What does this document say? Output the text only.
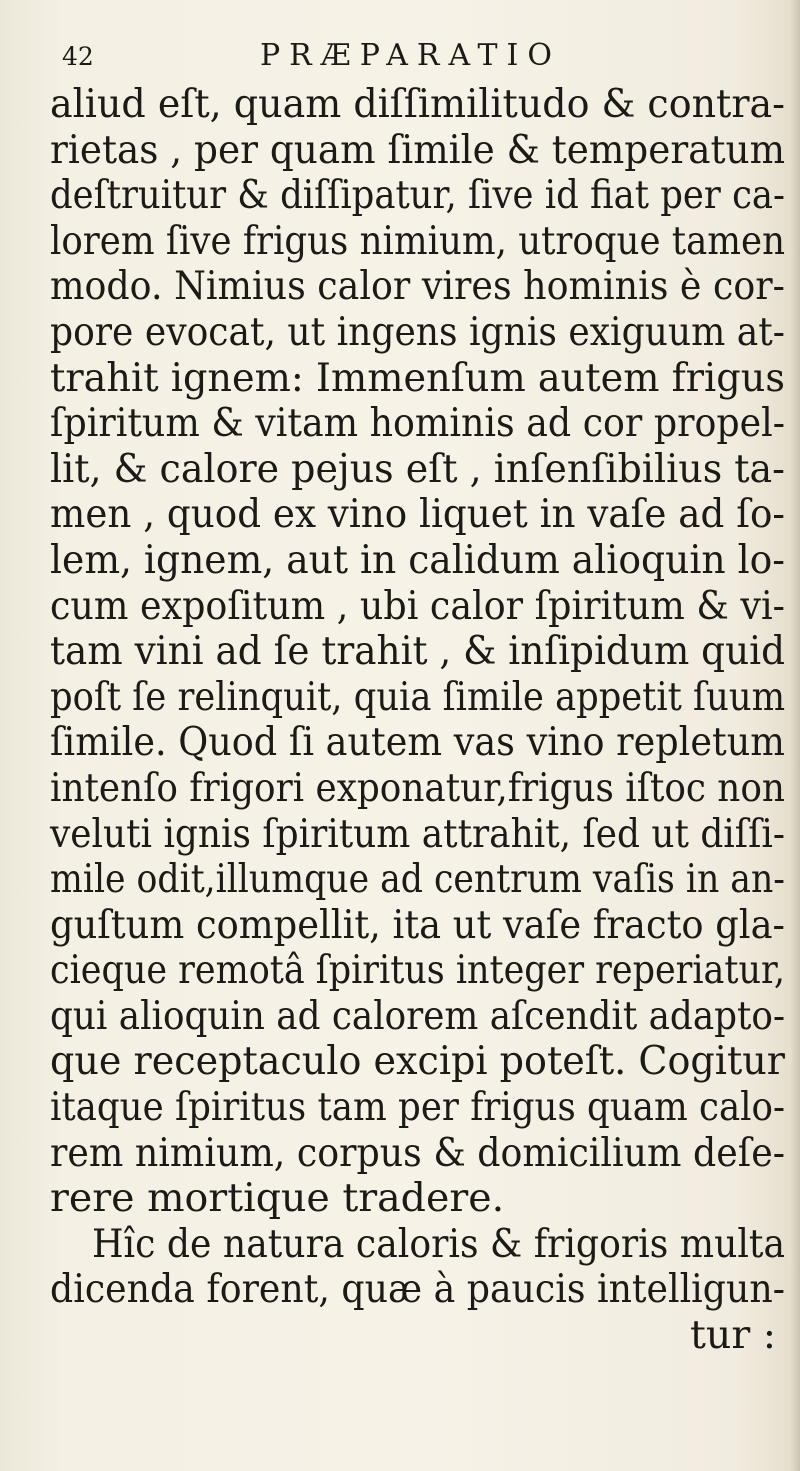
42	PRÆPARATIO
aliud eſt, quam diſſimilitudo & contra-
rietas , per quam ſimile & temperatum
deſtruitur & diſſipatur, ſive id fiat per ca-
lorem ſive frigus nimium, utroque tamen
modo. Nimius calor vires hominis è cor-
pore evocat, ut ingens ignis exiguum at-
trahit ignem: Immenſum autem frigus
ſpiritum & vitam hominis ad cor propel-
lit, & calore pejus eſt , inſenſibilius ta-
men , quod ex vino liquet in vaſe ad ſo-
lem, ignem, aut in calidum alioquin lo-
cum expoſitum , ubi calor ſpiritum & vi-
tam vini ad ſe trahit , & inſipidum quid
poſt ſe relinquit, quia ſimile appetit ſuum
ſimile. Quod ſi autem vas vino repletum
intenſo frigori exponatur,frigus iſtoc non
veluti ignis ſpiritum attrahit, ſed ut diſſi-
mile odit,illumque ad centrum vaſis in an-
guſtum compellit, ita ut vaſe fracto gla-
cieque remotâ ſpiritus integer reperiatur,
qui alioquin ad calorem aſcendit adapto-
que receptaculo excipi poteſt. Cogitur
itaque ſpiritus tam per frigus quam calo-
rem nimium, corpus & domicilium deſe-
rere mortique tradere.
Hîc de natura caloris & frigoris multa
dicenda forent, quæ à paucis intelligun-
tur :
